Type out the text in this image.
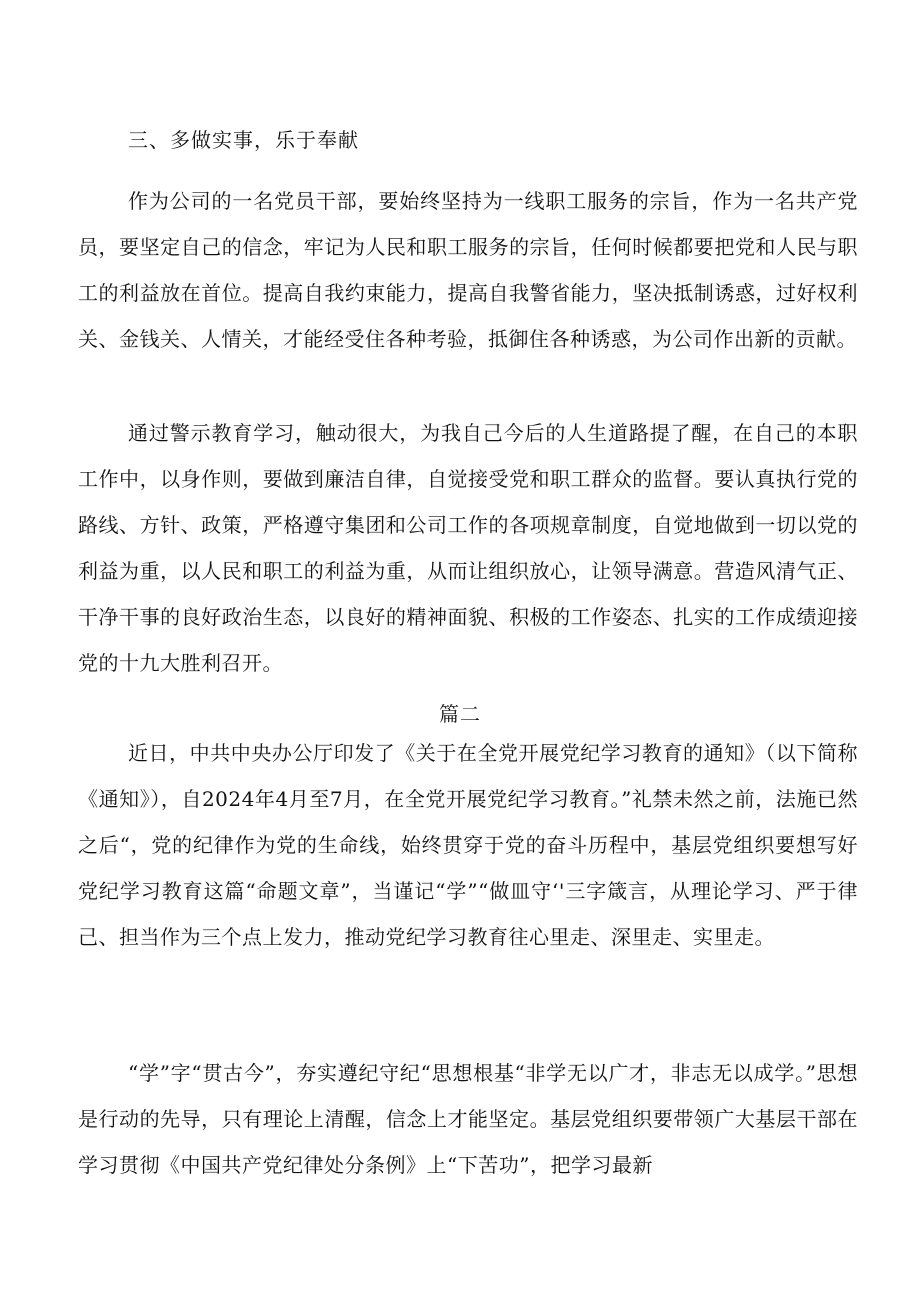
三、多做实事，乐于奉献

作为公司的一名党员干部，要始终坚持为一线职工服务的宗旨，作为一名共产党员，要坚定自己的信念，牢记为人民和职工服务的宗旨，任何时候都要把党和人民与职工的利益放在首位。提高自我约束能力，提高自我警省能力，坚决抵制诱惑，过好权利关、金钱关、人情关，才能经受住各种考验，抵御住各种诱惑，为公司作出新的贡献。

通过警示教育学习，触动很大，为我自己今后的人生道路提了醒，在自己的本职工作中，以身作则，要做到廉洁自律，自觉接受党和职工群众的监督。要认真执行党的路线、方针、政策，严格遵守集团和公司工作的各项规章制度，自觉地做到一切以党的利益为重，以人民和职工的利益为重，从而让组织放心，让领导满意。营造风清气正、干净干事的良好政治生态，以良好的精神面貌、积极的工作姿态、扎实的工作成绩迎接党的十九大胜利召开。

篇二

近日，中共中央办公厅印发了《关于在全党开展党纪学习教育的通知》（以下简称《通知》），自2024年4月至7月，在全党开展党纪学习教育。”礼禁未然之前，法施已然之后“，党的纪律作为党的生命线，始终贯穿于党的奋斗历程中，基层党组织要想写好党纪学习教育这篇“命题文章”，当谨记“学”“做皿守‘'三字箴言，从理论学习、严于律己、担当作为三个点上发力，推动党纪学习教育往心里走、深里走、实里走。

“学”字“贯古今”，夯实遵纪守纪“思想根基“非学无以广才，非志无以成学。”思想是行动的先导，只有理论上清醒，信念上才能坚定。基层党组织要带领广大基层干部在学习贯彻《中国共产党纪律处分条例》上“下苦功”，把学习最新
